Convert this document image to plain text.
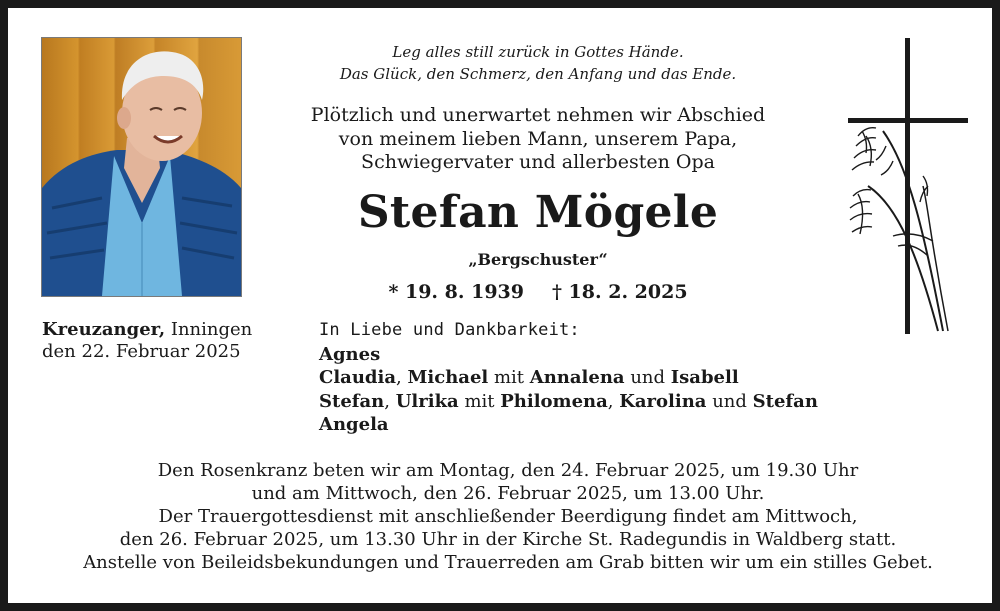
Leg alles still zurück in Gottes Hände.
Das Glück, den Schmerz, den Anfang und das Ende.
Plötzlich und unerwartet nehmen wir Abschied
von meinem lieben Mann, unserem Papa,
Schwiegervater und allerbesten Opa
Stefan Mögele
„Bergschuster“
* 19. 8. 1939 † 18. 2. 2025
Kreuzanger, Inningen
den 22. Februar 2025
In Liebe und Dankbarkeit:
Agnes
Claudia, Michael mit Annalena und Isabell
Stefan, Ulrika mit Philomena, Karolina und Stefan
Angela
Den Rosenkranz beten wir am Montag, den 24. Februar 2025, um 19.30 Uhr
und am Mittwoch, den 26. Februar 2025, um 13.00 Uhr.
Der Trauergottesdienst mit anschließender Beerdigung findet am Mittwoch,
den 26. Februar 2025, um 13.30 Uhr in der Kirche St. Radegundis in Waldberg statt.
Anstelle von Beileidsbekundungen und Trauerreden am Grab bitten wir um ein stilles Gebet.
